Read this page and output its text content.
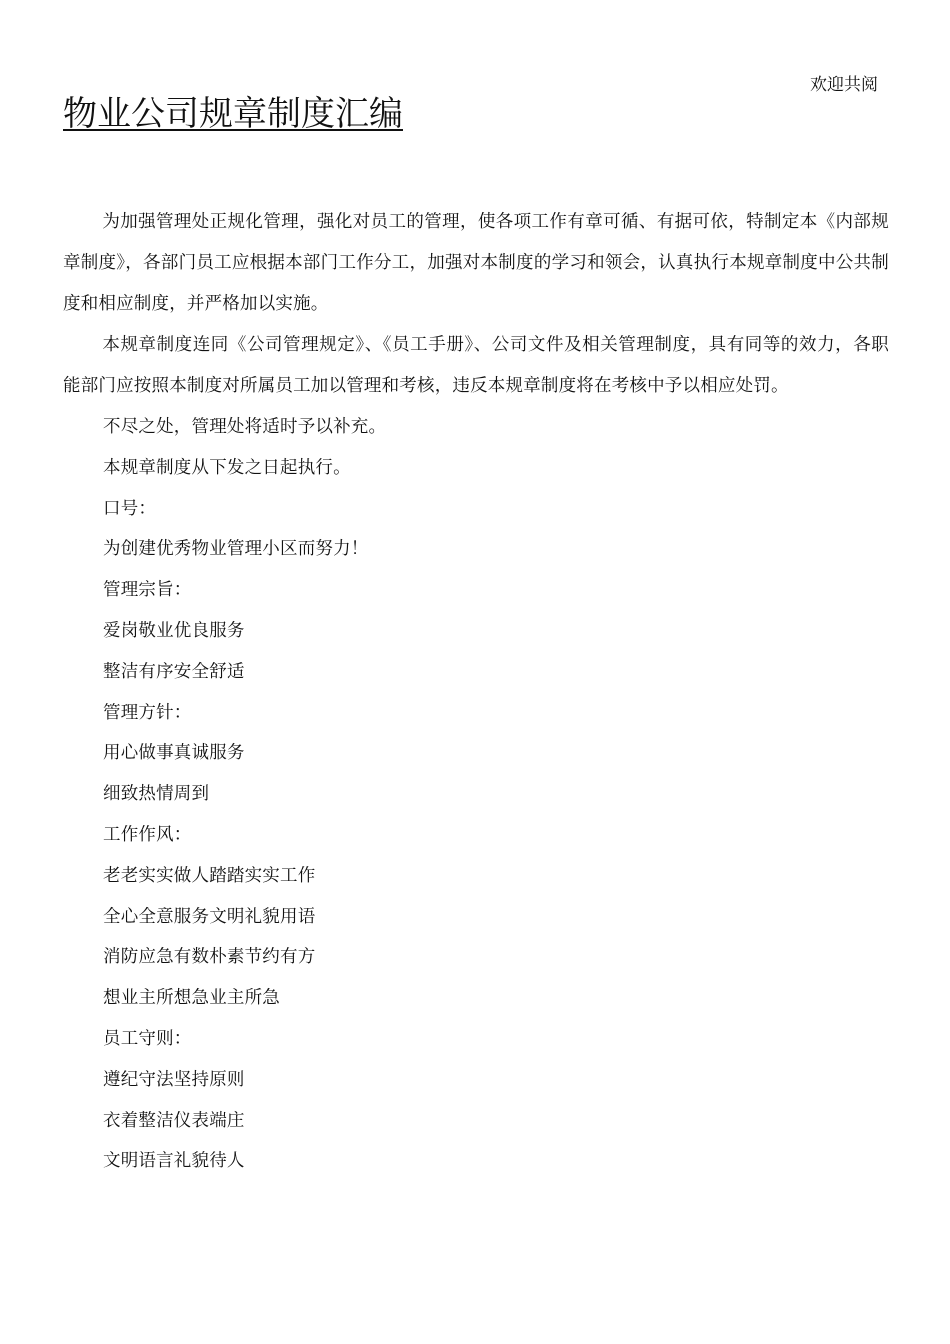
欢迎共阅
物业公司规章制度汇编

为加强管理处正规化管理，强化对员工的管理，使各项工作有章可循、有据可依，特制定本《内部规章制度》，各部门员工应根据本部门工作分工，加强对本制度的学习和领会，认真执行本规章制度中公共制度和相应制度，并严格加以实施。

本规章制度连同《公司管理规定》、《员工手册》、公司文件及相关管理制度，具有同等的效力，各职能部门应按照本制度对所属员工加以管理和考核，违反本规章制度将在考核中予以相应处罚。

不尽之处，管理处将适时予以补充。

本规章制度从下发之日起执行。

口号：

为创建优秀物业管理小区而努力！

管理宗旨：

爱岗敬业优良服务

整洁有序安全舒适

管理方针：

用心做事真诚服务

细致热情周到

工作作风：

老老实实做人踏踏实实工作

全心全意服务文明礼貌用语

消防应急有数朴素节约有方

想业主所想急业主所急

员工守则：

遵纪守法坚持原则

衣着整洁仪表端庄

文明语言礼貌待人
